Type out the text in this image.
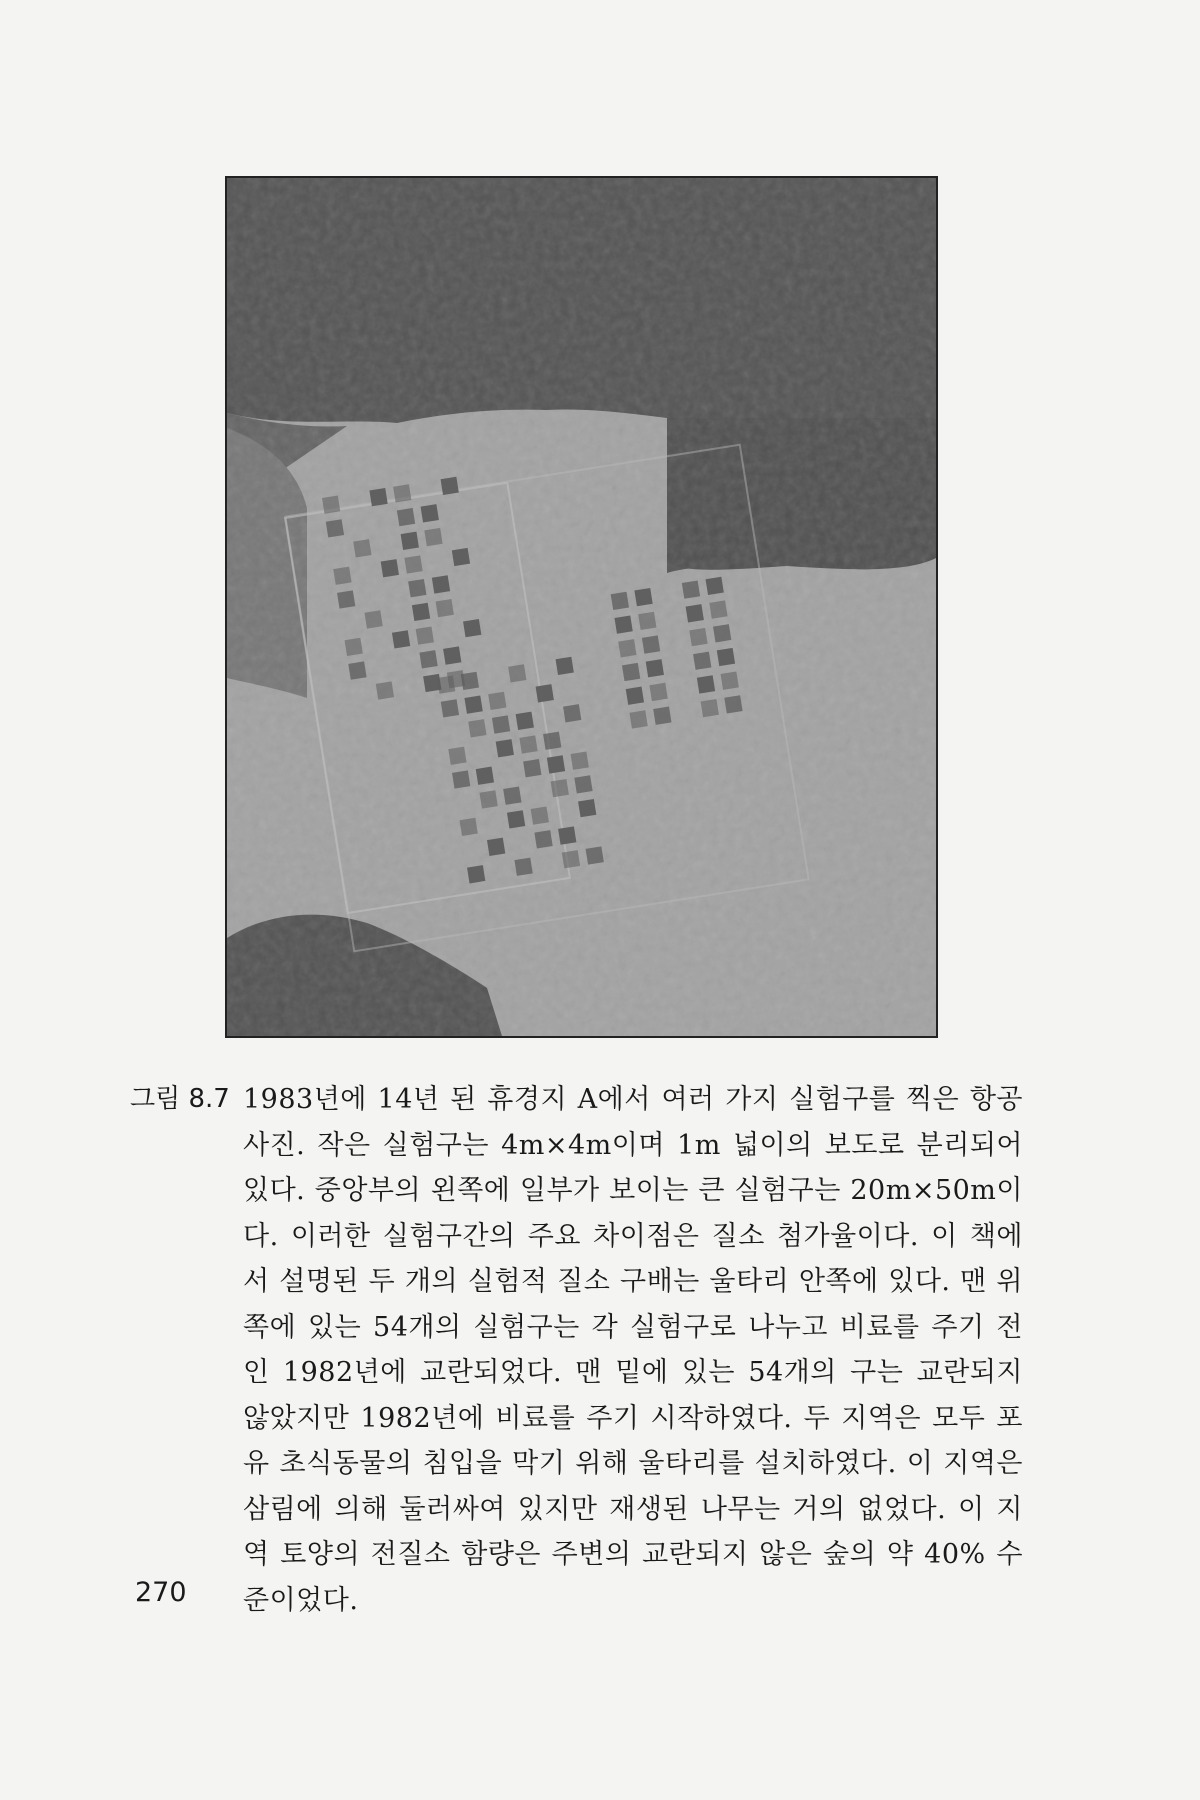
그림 8.7 1983년에 14년 된 휴경지 A에서 여러 가지 실험구를 찍은 항공사진. 작은 실험구는 4m×4m이며 1m 넓이의 보도로 분리되어 있다. 중앙부의 왼쪽에 일부가 보이는 큰 실험구는 20m×50m이다. 이러한 실험구간의 주요 차이점은 질소 첨가율이다. 이 책에서 설명된 두 개의 실험적 질소 구배는 울타리 안쪽에 있다. 맨 위쪽에 있는 54개의 실험구는 각 실험구로 나누고 비료를 주기 전인 1982년에 교란되었다. 맨 밑에 있는 54개의 구는 교란되지 않았지만 1982년에 비료를 주기 시작하였다. 두 지역은 모두 포유 초식동물의 침입을 막기 위해 울타리를 설치하였다. 이 지역은 삼림에 의해 둘러싸여 있지만 재생된 나무는 거의 없었다. 이 지역 토양의 전질소 함량은 주변의 교란되지 않은 숲의 약 40% 수준이었다.
270
